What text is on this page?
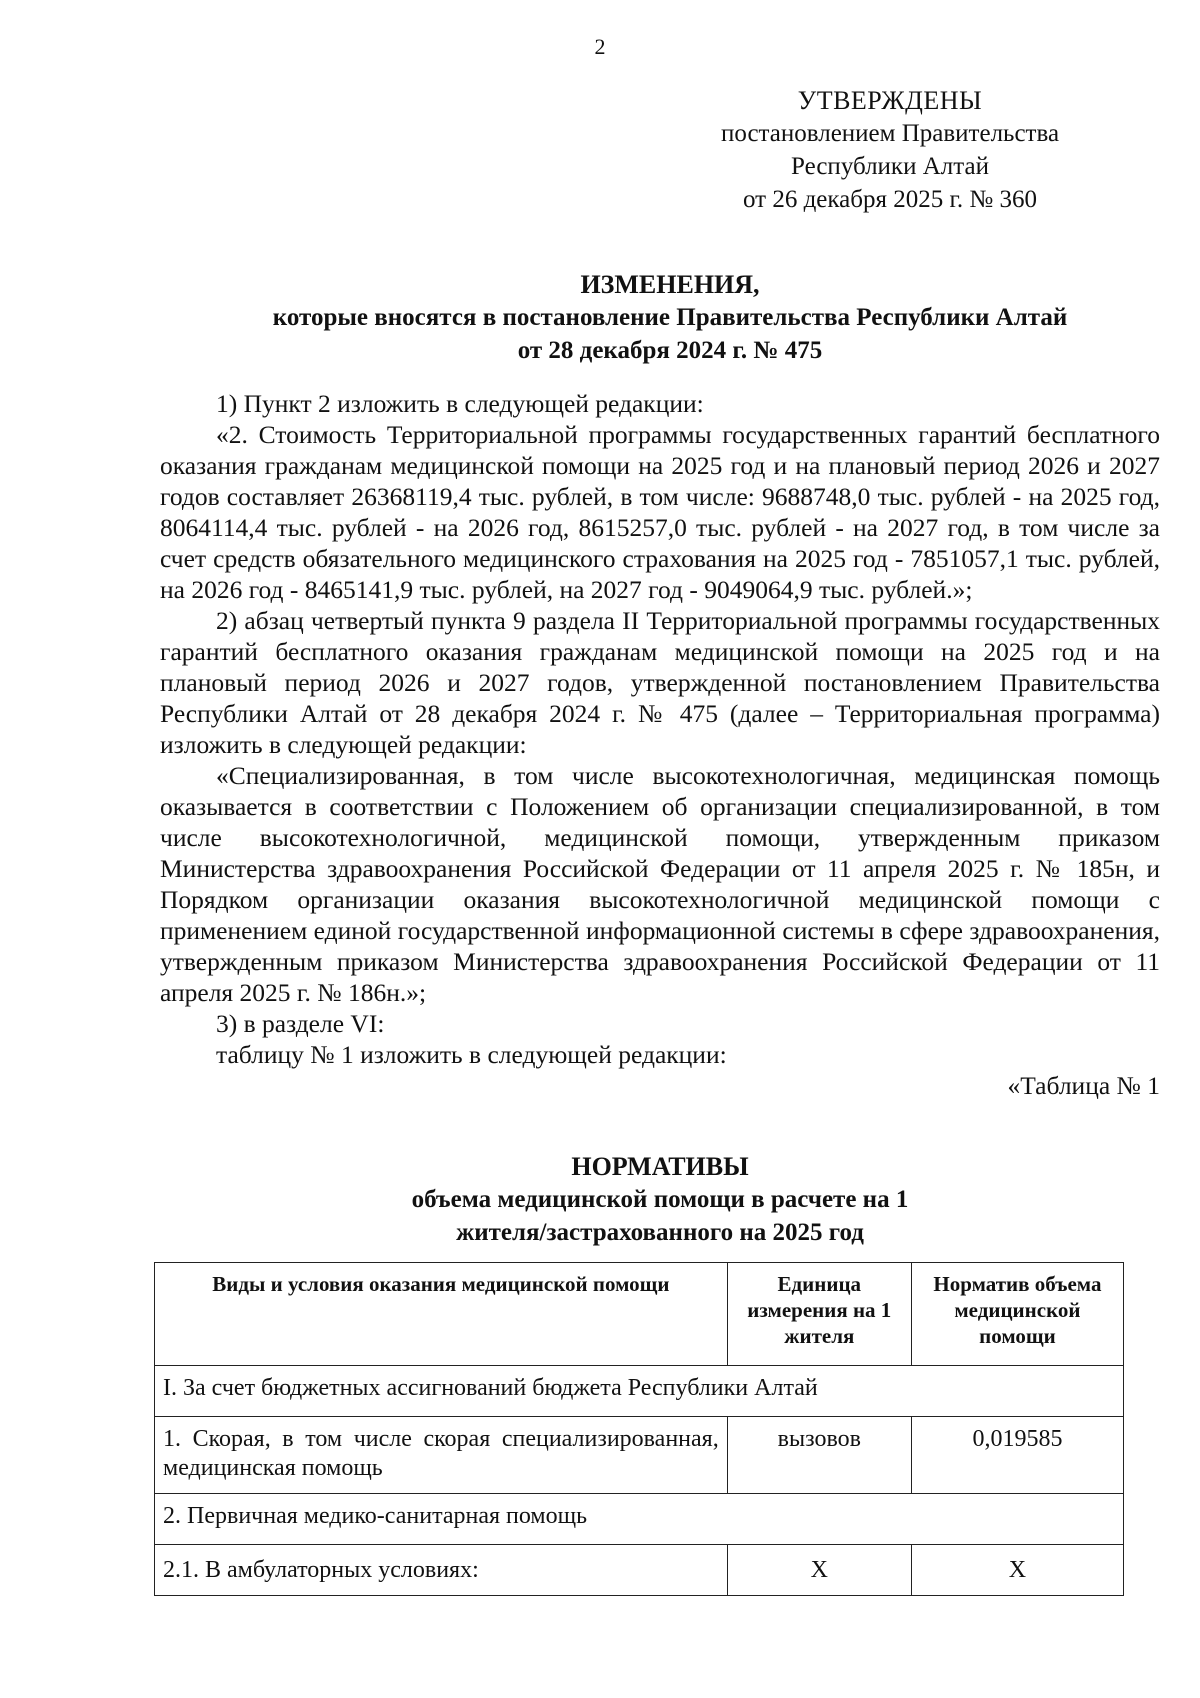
2
УТВЕРЖДЕНЫ
постановлением Правительства
Республики Алтай
от 26 декабря 2025 г. № 360
ИЗМЕНЕНИЯ,
которые вносятся в постановление Правительства Республики Алтай
от 28 декабря 2024 г. № 475

1) Пункт 2 изложить в следующей редакции:

«2. Стоимость Территориальной программы государственных гарантий бесплатного оказания гражданам медицинской помощи на 2025 год и на плановый период 2026 и 2027 годов составляет 26368119,4 тыс. рублей, в том числе: 9688748,0 тыс. рублей - на 2025 год, 8064114,4 тыс. рублей - на 2026 год, 8615257,0 тыс. рублей - на 2027 год, в том числе за счет средств обязательного медицинского страхования на 2025 год - 7851057,1 тыс. рублей, на 2026 год - 8465141,9 тыс. рублей, на 2027 год - 9049064,9 тыс. рублей.»;

2) абзац четвертый пункта 9 раздела II Территориальной программы государственных гарантий бесплатного оказания гражданам медицинской помощи на 2025 год и на плановый период 2026 и 2027 годов, утвержденной постановлением Правительства Республики Алтай от 28 декабря 2024 г. № 475 (далее – Территориальная программа) изложить в следующей редакции:

«Специализированная, в том числе высокотехнологичная, медицинская помощь оказывается в соответствии с Положением об организации специализированной, в том числе высокотехнологичной, медицинской помощи, утвержденным приказом Министерства здравоохранения Российской Федерации от 11 апреля 2025 г. № 185н, и Порядком организации оказания высокотехнологичной медицинской помощи с применением единой государственной информационной системы в сфере здравоохранения, утвержденным приказом Министерства здравоохранения Российской Федерации от 11 апреля 2025 г. № 186н.»;

3) в разделе VI:

таблицу № 1 изложить в следующей редакции:

«Таблица № 1

НОРМАТИВЫ
объема медицинской помощи в расчете на 1
жителя/застрахованного на 2025 год
Виды и условия оказания медицинской помощи	Единица измерения на 1 жителя	Норматив объема медицинской помощи
I. За счет бюджетных ассигнований бюджета Республики Алтай		
1. Скорая, в том числе скорая специализированная, медицинская помощь	вызовов	0,019585
2. Первичная медико-санитарная помощь		
2.1. В амбулаторных условиях:	Х	Х
